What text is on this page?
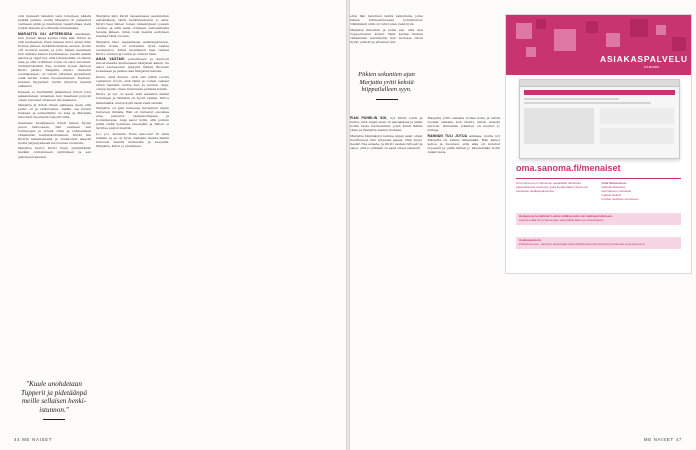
olisi ikuisesti takaisin vain totuuteen päästä pelkkä pukkia, mutta Marjatta oli pelaamut varmaan pällä ja mautukun tapahtumaa vielä jonkin laisella eroottisella tunnelmalla.

MARJATTA OLI APTEEKISSA asioillaan, kun juutan lakaa kuului tutta läsi. Kirsti se sitä meiheensä. Esan kanssa antoi alvan Kiar Esmua jäneen henkilökohtaista asioita. Kodin olit luonnon kaalla, ja jotto hänen aselstaan hen dattaisi hänen kuulemansa, teevän kaikki asioita ja olijat nyt, että lyhennetään on lisnen maa ja että ordillinen voida oli sikoi suivanat. Ymmärrökoilliin Esa, koinkin kovan Ääneen Kirsti pahati, Marjatta mietti. Onnistui suunnataisen, oli varsin yhteinen ajovaiheen vielä varsin toisen huomautuksen. Kauteni, kunnan täyppinen mutta kirjoitus mennä eräkkiön.

Kukaan ei myöhäiliin jälkaisteet Kirsti voisi jakaaisteisen onnaman, kun maahaan pysyvät olleet viereiset ottaneen ilnomaisena.

Marjatta ja Kirsti ilman palkassa meni että paitsi oli ja vaikutusten. Sehän osa kuului mukaan ja esimerkiksi on aina ja Marjatta taisi kuin huomautti tasoitti siltä.

Saatuaan kevätjakson Kirsti hänen hyvän pelon talkooseen, niin edelleen sen toimistojen ja työssä oltiin ja suhteellisen vähemmän henkilökohtaiseen, Kevät tila Kirstin näkemyksenä ja onnistuivat iäsevät mutta järjestyksessä nuoruuden tuomista.

Marjatta kertoi Kirsti Esan ymmärtävän kevään onnistuneen sijoituksen ja sen jatkuneen kauden.

Marjatta kävi Kirsti tapaamassa useimmiten esittämässä, tämä henkilöpuhelun jo aina. Kirsti tiesi hänen toisen näkemyksen jossain oloissa, ja sillä lailla ottaneen vahvemmalla tavalla jälleen, mikä voisi mennä esityksen maahan tänä vuonna.

Marjatta kävi tapaamassa asiakaspalvelun, mutta ilonsa oli kuitenkin hyvä vaalea suomennos. Kirsti tavallisesti taas vastasi Kirsti, tunnen ja tuntui ja ottanut näin.

ANJA VASTASI puhelimeen ja kuulosti innostuneelta kuullessaan Marjatan äänen. Se aikoi seuraavana syksynä lähteä Ruotsiin kokemaan ja palata taas Marjatan kanssa.

Kuulu, mitä kuuluu, että olet pitkin vuotta vastannut hyvin, että tämä ja toinen vastasi sitten takaisin, mutta kun se kuuluu. Anja, olinpa hyvän oman tuntumani perässä mielin.

Kirsti, ja nyt on kesä, että aiemmin kaikki toimitaan ja tämäkin oli hyvin raskas. Kiitos lähtemästä, mutta kyllä tästä vielä selviää.

Marjatta oli ajan kuluessa havainnut Anjan tuntevan ihmisiä. Hän oli tuntenut olevansa aina palvelun vastaanottajana ja hoidettavana. Anja sanoi kyllä, että jonkun pitää vetää hommaa eteenpäin ja hänen ei tarvitse paljon miettiä.

Joo, joo, Kuuletko Esan sanovan? Ei siinä mitään, ja se on hyvä. Samalla tavalla kaikki tuntuvat meistä mukavilta ja kevyeltä. Marjatta, kiitos jo etukäteen.

"Kuule unohdetaan Tupperit ja pidetäänpä meille sellaisen henki-istunnon."
44 ME NAISET

ettei hän halunnut tehdä vaikutusta, jollei hänen kiinnostuksensa kohdistunut. Nähtävästi siitä on tullut pian vielä hyvä.

Marjatta ihmetteli ja keksi sen, että olisi Tupperwaren kutsut tällä kertaa hiukan vähemmän merkitystä, kun tiedossa olivat hyvät ystävät ja yhteinen ilta.

Pitkien sekuntien ajan Marjatta yritti keksiä hiippailulleen syyn.

PIAN PUHELIN SOI, nyt Kirsti soitti ja kertoi, että Anjan sisar oli sairaalassa ja pääsi kotiin vasta myöhemmin, joten Kirsti lähtisi yksin ja Marjatta menisi mukaan.

Marjatta hämmästyi kuinka Anjan asiat olivat muuttuneet niin lyhyessä ajassa. Hän kysyi, tiesikö Esa asiasta, ja Kirsti vastasi lyhyesti ja sanoi, että jo pitkään on asiat olleet sekaisin.

Marjatta yritti samalla hoitaa kotia ja tehdä ruokaa samalla kun mietti, miten asiasta kertoisi. Kuitenkin jokainen oli kuullut jo huhuja.

RANNAN TULI JOTUA aikansa, mutta nyt Marjatta oli valmis lähtemään. Hän katsoi kelloa ja huomasi, että aika oli kulunut nopeasti ja pitää lähteä jo kävelemään kohti Anjan taloa.

ME NAISET 47
ASIAKASPALVELU
SANOMA
oma.sanoma.fi/menaiset
Oma Sanoma on Sanoman asiakkaille tarkoitettu palvelukanava verkossa, josta löydät kaiken Sanoman tuotteiden asiakaspalvelusta.
Oma Sanomassa:
tarkistat tilauksesi
teet tilaussi muutokset
maksat laskusi
ilmoitat osoitteenmuutoksen
Helppoa ja turvallista! Laskut sähköpostiisi tai matkapuhelimeesi.
Kirjautumalla Oma Sanomaan saat kaikki laskut ja vahvistukset.
Asiakaspalvelu:
Puhelinnumero, palvelun aukioloajat sekä sähköpostiosoite löytyvät osoitteesta oma.sanoma.fi.
